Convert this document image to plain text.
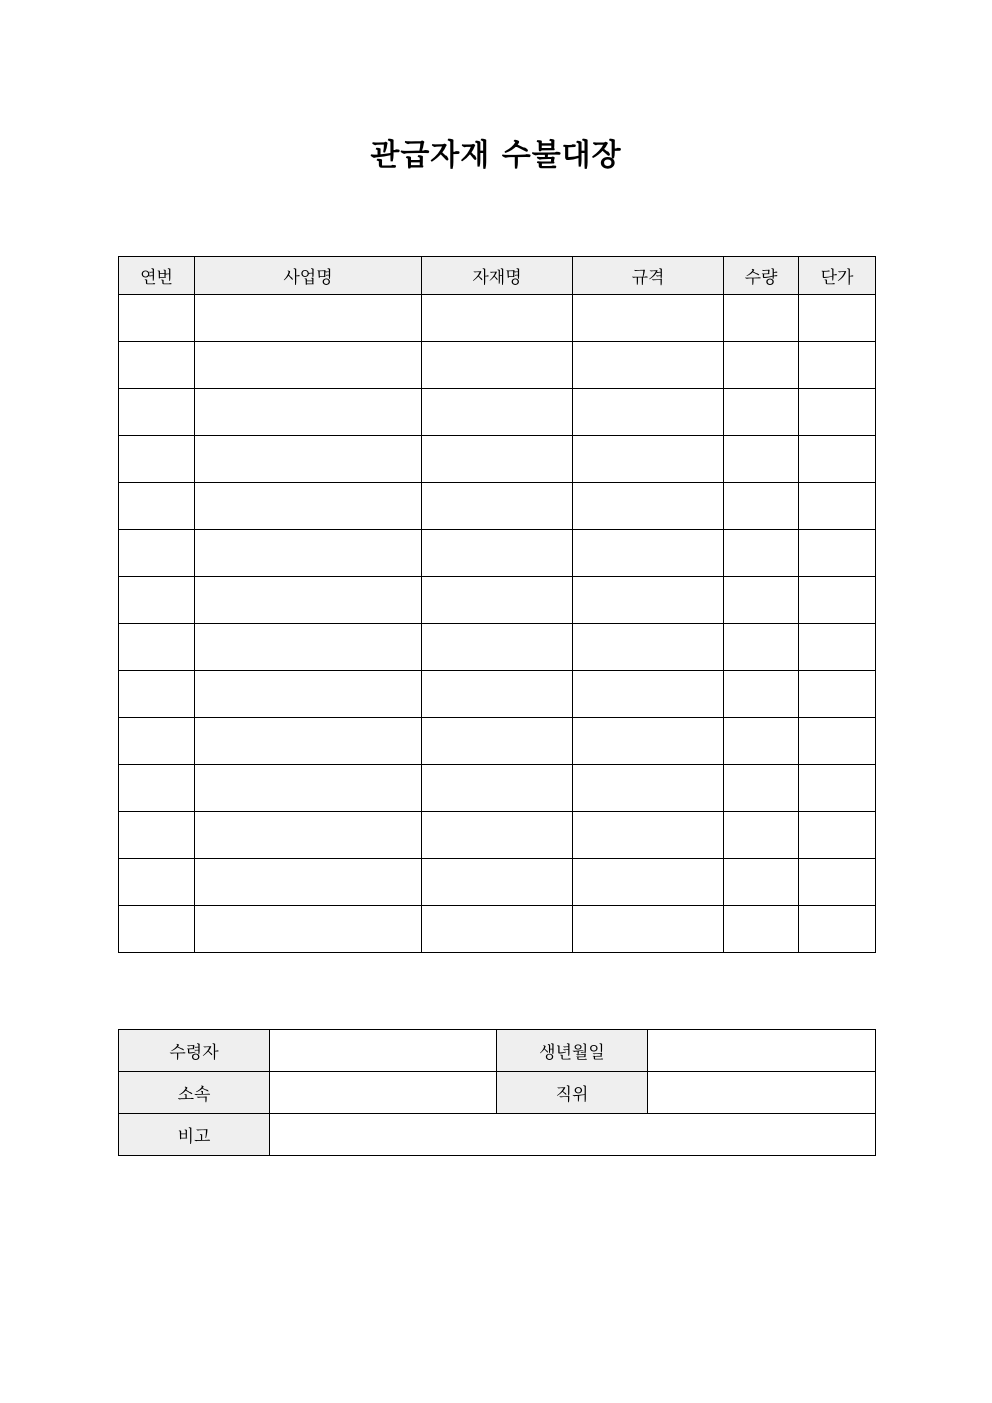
관급자재 수불대장
연번	사업명	자재명	규격	수량	단가

수령자		생년월일	
소속		직위	
비고			
